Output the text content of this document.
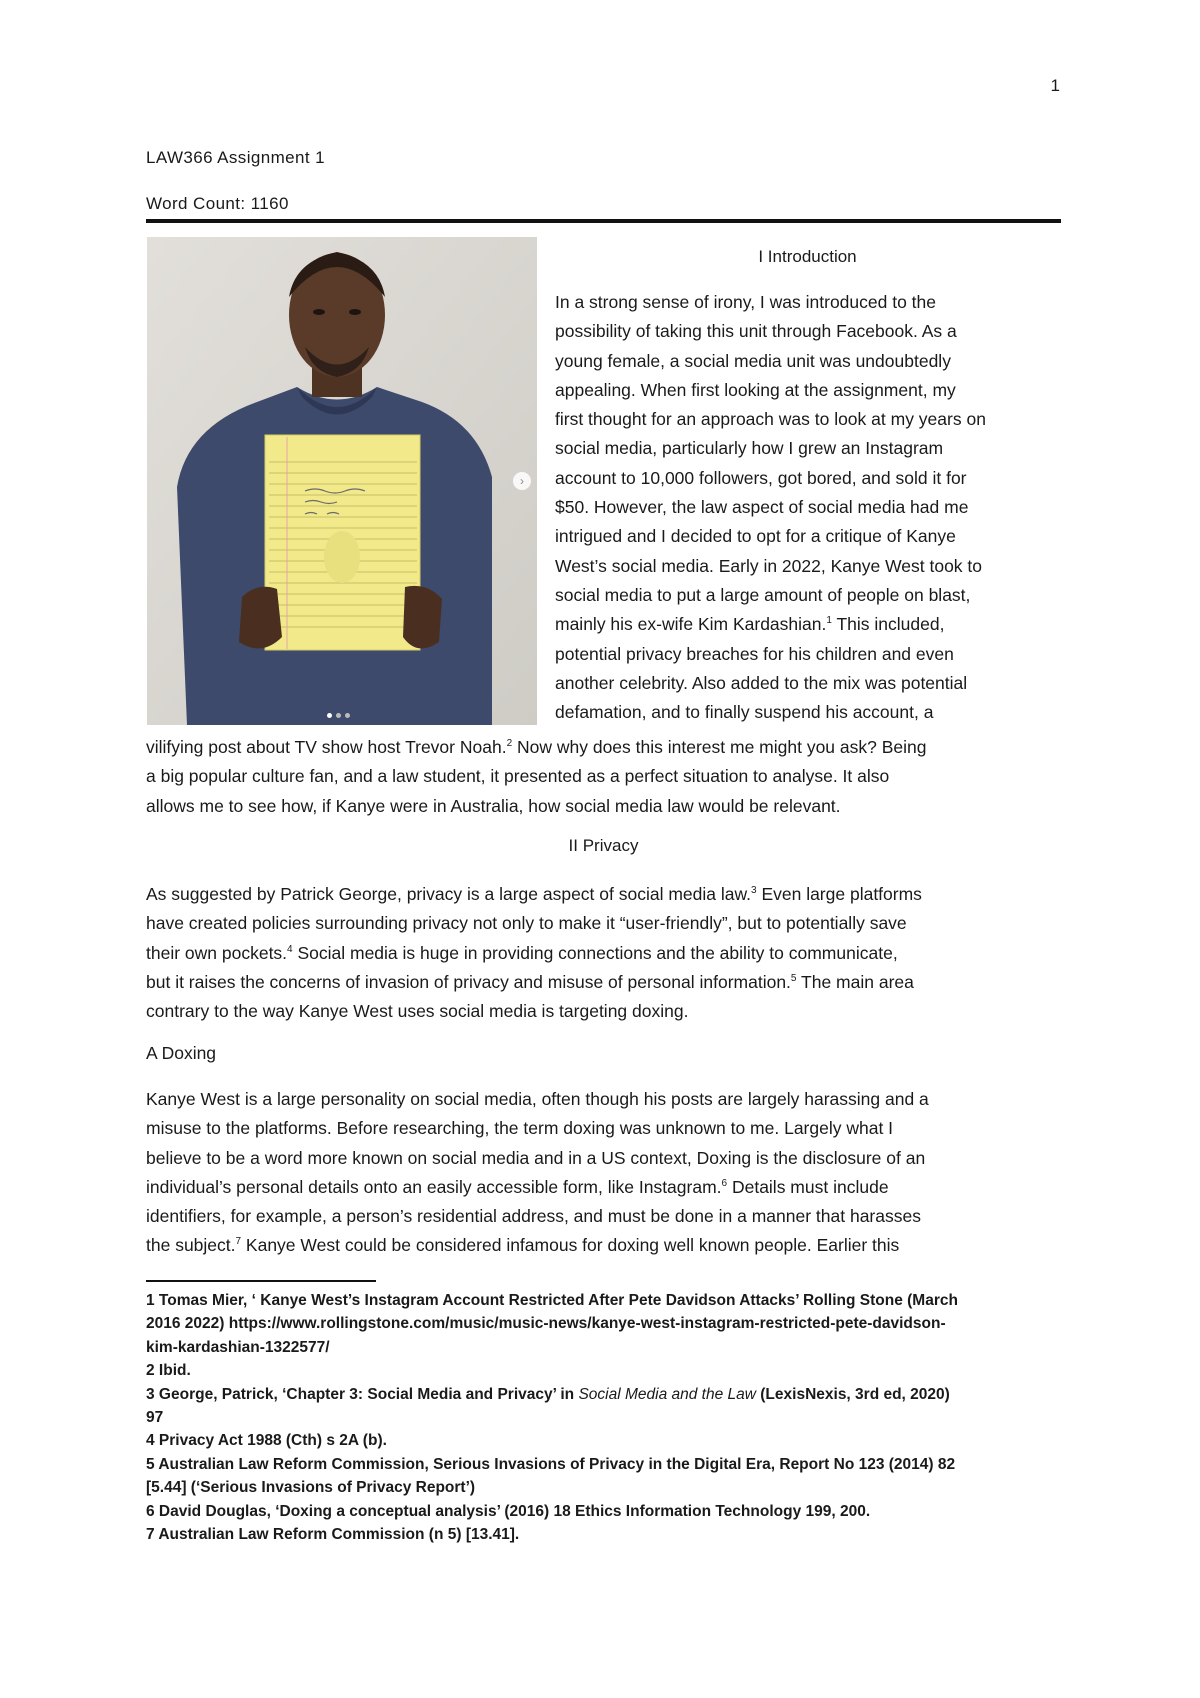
1
LAW366 Assignment 1
Word Count: 1160
›
I Introduction
In a strong sense of irony, I was introduced to the
possibility of taking this unit through Facebook. As a
young female, a social media unit was undoubtedly
appealing. When first looking at the assignment, my
first thought for an approach was to look at my years on
social media, particularly how I grew an Instagram
account to 10,000 followers, got bored, and sold it for
$50. However, the law aspect of social media had me
intrigued and I decided to opt for a critique of Kanye
West’s social media. Early in 2022, Kanye West took to
social media to put a large amount of people on blast,
mainly his ex-wife Kim Kardashian.$^1$ This included,
potential privacy breaches for his children and even
another celebrity. Also added to the mix was potential
defamation, and to finally suspend his account, a
vilifying post about TV show host Trevor Noah.$^2$ Now why does this interest me might you ask? Being
a big popular culture fan, and a law student, it presented as a perfect situation to analyse. It also
allows me to see how, if Kanye were in Australia, how social media law would be relevant.
II Privacy
As suggested by Patrick George, privacy is a large aspect of social media law.$^3$ Even large platforms
have created policies surrounding privacy not only to make it “user-friendly”, but to potentially save
their own pockets.$^4$ Social media is huge in providing connections and the ability to communicate,
but it raises the concerns of invasion of privacy and misuse of personal information.$^5$ The main area
contrary to the way Kanye West uses social media is targeting doxing.
A Doxing
Kanye West is a large personality on social media, often though his posts are largely harassing and a
misuse to the platforms. Before researching, the term doxing was unknown to me. Largely what I
believe to be a word more known on social media and in a US context, Doxing is the disclosure of an
individual’s personal details onto an easily accessible form, like Instagram.$^6$ Details must include
identifiers, for example, a person’s residential address, and must be done in a manner that harasses
the subject.$^7$ Kanye West could be considered infamous for doxing well known people. Earlier this
1 Tomas Mier, ‘ Kanye West’s Instagram Account Restricted After Pete Davidson Attacks’ Rolling Stone (March
2016 2022) https://www.rollingstone.com/music/music-news/kanye-west-instagram-restricted-pete-davidson-
kim-kardashian-1322577/
2 Ibid.
3 George, Patrick, ‘Chapter 3: Social Media and Privacy’ in Social Media and the Law (LexisNexis, 3rd ed, 2020)
97
4 Privacy Act 1988 (Cth) s 2A (b).
5 Australian Law Reform Commission, Serious Invasions of Privacy in the Digital Era, Report No 123 (2014) 82
[5.44] (‘Serious Invasions of Privacy Report’)
6 David Douglas, ‘Doxing a conceptual analysis’ (2016) 18 Ethics Information Technology 199, 200.
7 Australian Law Reform Commission (n 5) [13.41].
